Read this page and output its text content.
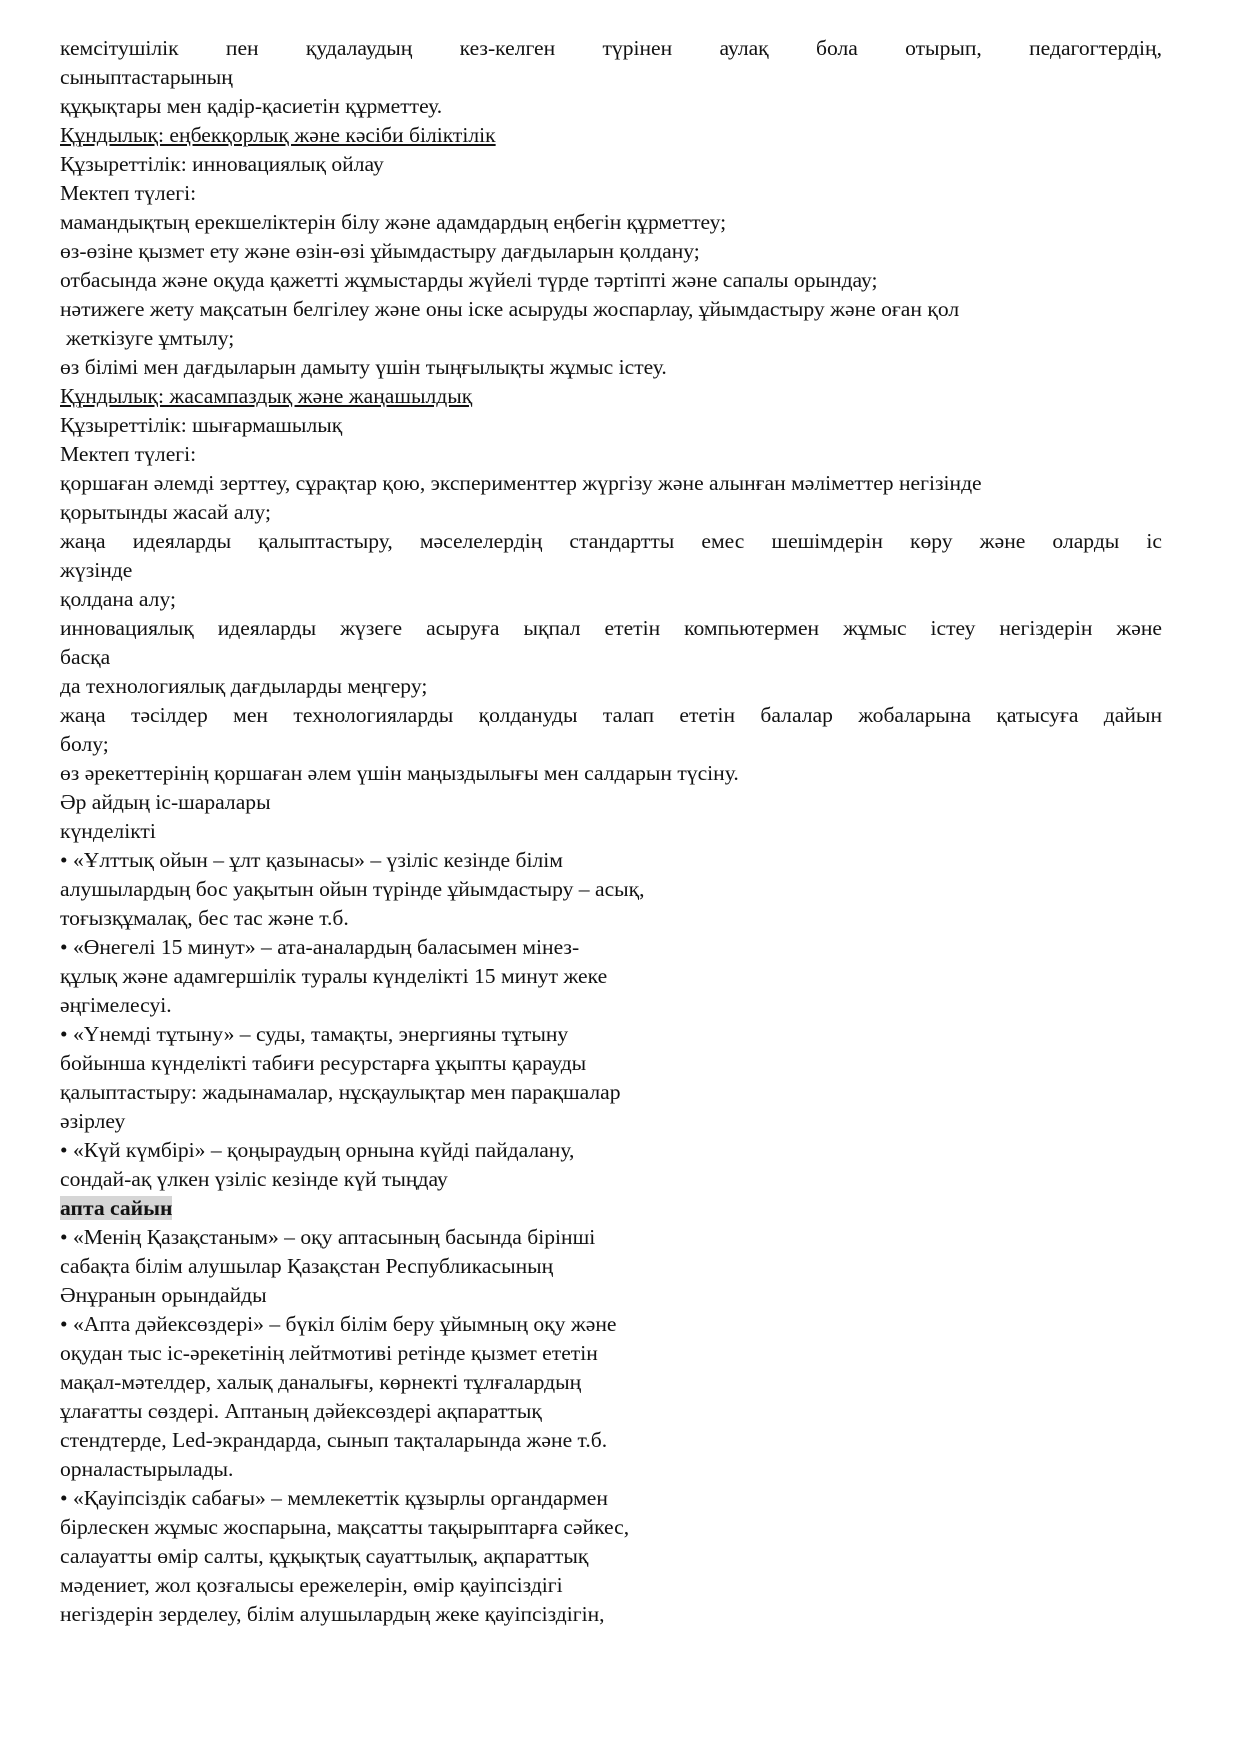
кемсітушілік пен қудалаудың кез-келген түрінен аулақ бола отырып, педагогтердің,
сыныптастарының
құқықтары мен қадір-қасиетін құрметтеу.
Құндылық: еңбекқорлық және кәсіби біліктілік
Құзыреттілік: инновациялық ойлау
Мектеп түлегі:
мамандықтың ерекшеліктерін білу және адамдардың еңбегін құрметтеу;
өз-өзіне қызмет ету және өзін-өзі ұйымдастыру дағдыларын қолдану;
отбасында және оқуда қажетті жұмыстарды жүйелі түрде тәртіпті және сапалы орындау;
нәтижеге жету мақсатын белгілеу және оны іске асыруды жоспарлау, ұйымдастыру және оған қол
жеткізуге ұмтылу;
өз білімі мен дағдыларын дамыту үшін тыңғылықты жұмыс істеу.
Құндылық: жасампаздық және жаңашылдық
Құзыреттілік: шығармашылық
Мектеп түлегі:
қоршаған әлемді зерттеу, сұрақтар қою, эксперименттер жүргізу және алынған мәліметтер негізінде
қорытынды жасай алу;
жаңа идеяларды қалыптастыру, мәселелердің стандартты емес шешімдерін көру және оларды іс
жүзінде
қолдана алу;
инновациялық идеяларды жүзеге асыруға ықпал ететін компьютермен жұмыс істеу негіздерін және
басқа
да технологиялық дағдыларды меңгеру;
жаңа тәсілдер мен технологияларды қолдануды талап ететін балалар жобаларына қатысуға дайын
болу;
өз әрекеттерінің қоршаған әлем үшін маңыздылығы мен салдарын түсіну.
Әр айдың іс-шаралары
күнделікті
• «Ұлттық ойын – ұлт қазынасы» – үзіліс кезінде білім
алушылардың бос уақытын ойын түрінде ұйымдастыру – асық,
тоғызқұмалақ, бес тас және т.б.
• «Өнегелі 15 минут» – ата-аналардың баласымен мінез-
құлық және адамгершілік туралы күнделікті 15 минут жеке
әңгімелесуі.
• «Үнемді тұтыну» – суды, тамақты, энергияны тұтыну
бойынша күнделікті табиғи ресурстарға ұқыпты қарауды
қалыптастыру: жадынамалар, нұсқаулықтар мен парақшалар
әзірлеу
• «Күй күмбірі» – қоңыраудың орнына күйді пайдалану,
сондай-ақ үлкен үзіліс кезінде күй тыңдау
апта сайын
• «Менің Қазақстаным» – оқу аптасының басында бірінші
сабақта білім алушылар Қазақстан Республикасының
Әнұранын орындайды
• «Апта дәйексөздері» – бүкіл білім беру ұйымның оқу және
оқудан тыс іс-әрекетінің лейтмотиві ретінде қызмет ететін
мақал-мәтелдер, халық даналығы, көрнекті тұлғалардың
ұлағатты сөздері. Аптаның дәйексөздері ақпараттық
стендтерде, Led-экрандарда, сынып тақталарында және т.б.
орналастырылады.
• «Қауіпсіздік сабағы» – мемлекеттік құзырлы органдармен
бірлескен жұмыс жоспарына, мақсатты тақырыптарға сәйкес,
салауатты өмір салты, құқықтық сауаттылық, ақпараттық
мәдениет, жол қозғалысы ережелерін, өмір қауіпсіздігі
негіздерін зерделеу, білім алушылардың жеке қауіпсіздігін,
